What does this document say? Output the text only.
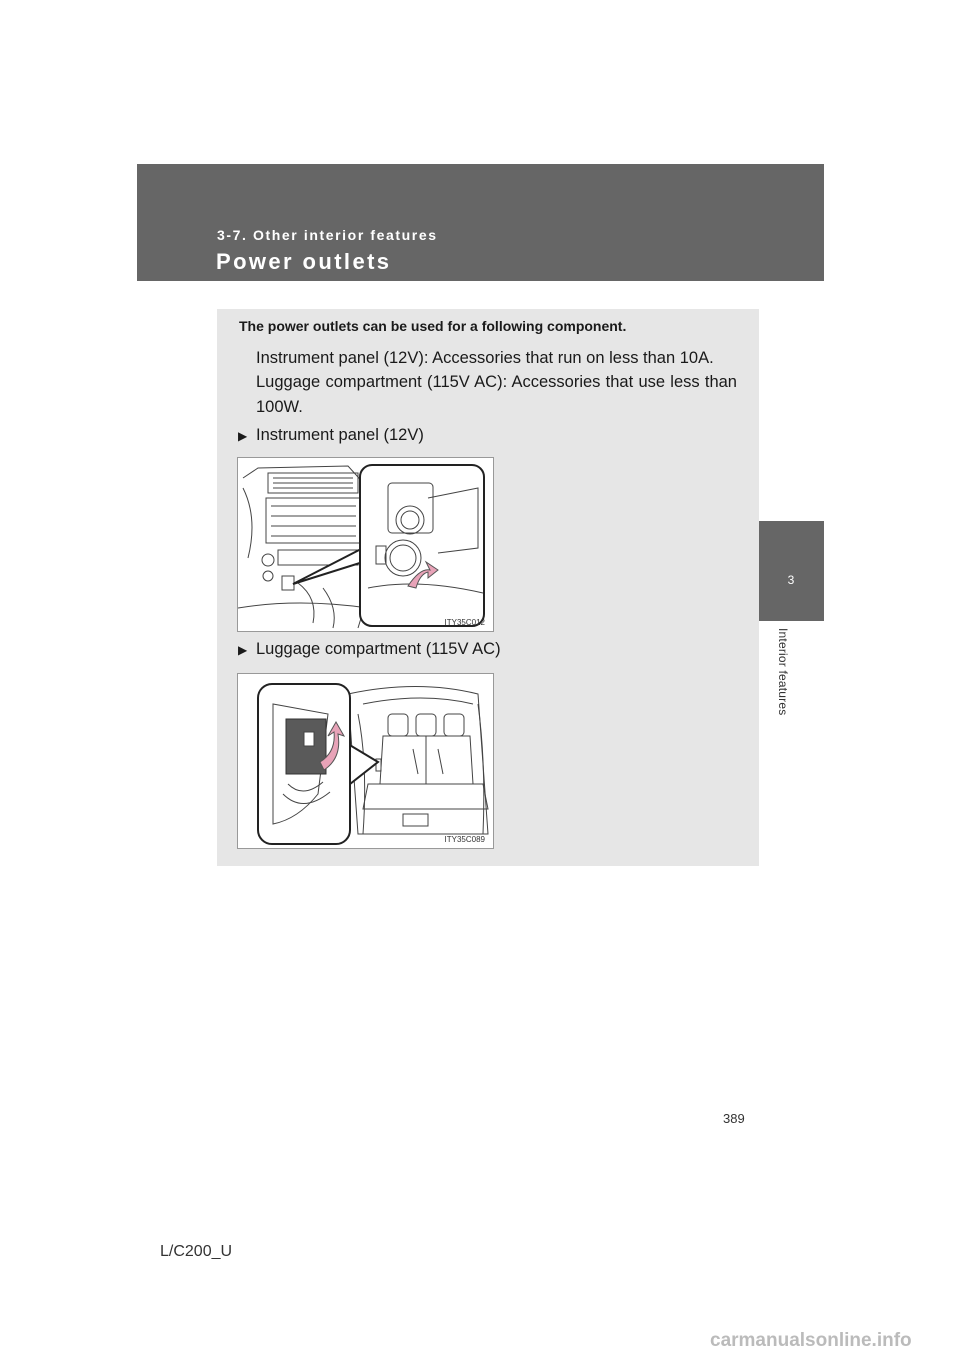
3-7. Other interior features
Power outlets
3
Interior features
The power outlets can be used for a following component.
Instrument panel (12V): Accessories that run on less than 10A.
Luggage compartment (115V AC): Accessories that use less than 100W.
▶ Instrument panel (12V)
ITY35C012
▶ Luggage compartment (115V AC)
ITY35C089
389
L/C200_U
carmanualsonline.info
